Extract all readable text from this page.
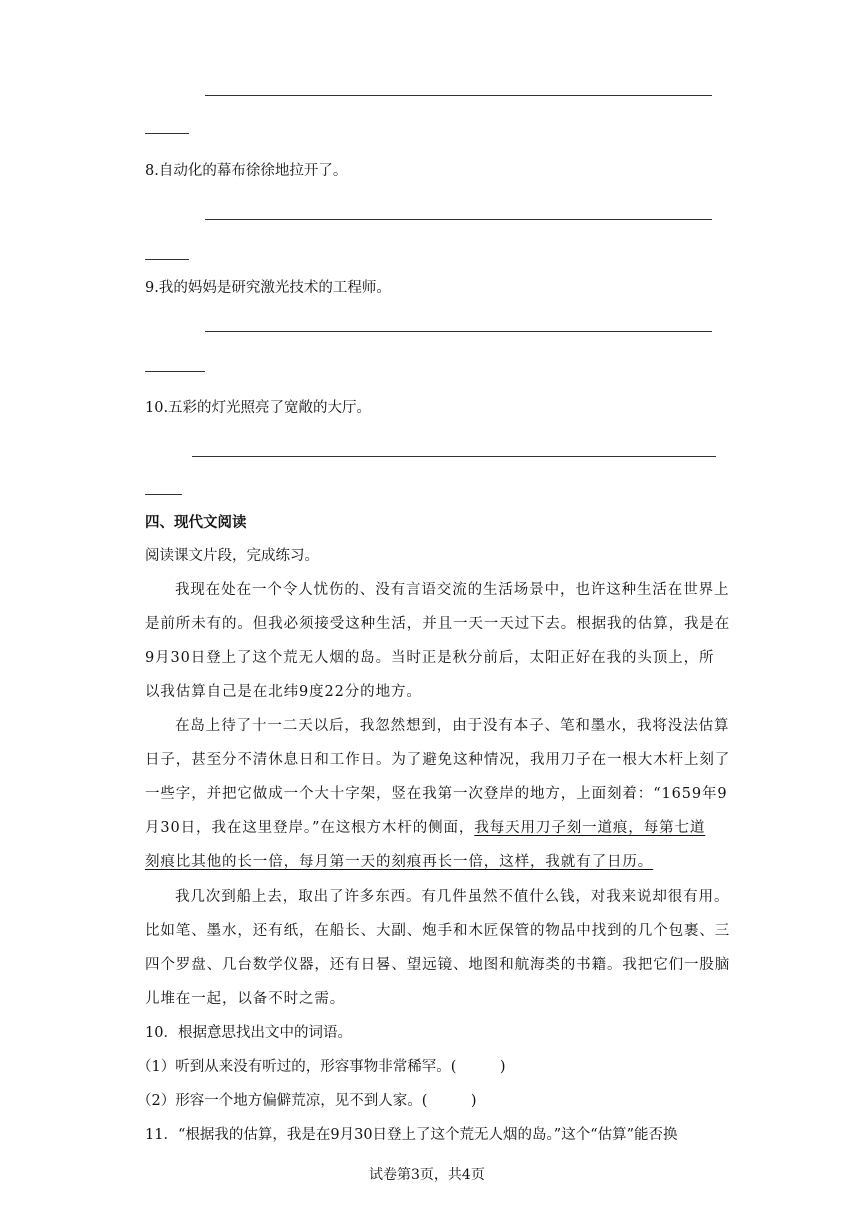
8.自动化的幕布徐徐地拉开了。
9.我的妈妈是研究激光技术的工程师。
10.五彩的灯光照亮了宽敞的大厅。
四、现代文阅读
阅读课文片段，完成练习。
我现在处在一个令人忧伤的、没有言语交流的生活场景中，也许这种生活在世界上
是前所未有的。但我必须接受这种生活，并且一天一天过下去。根据我的估算，我是在
9月30日登上了这个荒无人烟的岛。当时正是秋分前后，太阳正好在我的头顶上，所
以我估算自己是在北纬9度22分的地方。
在岛上待了十一二天以后，我忽然想到，由于没有本子、笔和墨水，我将没法估算
日子，甚至分不清休息日和工作日。为了避免这种情况，我用刀子在一根大木杆上刻了
一些字，并把它做成一个大十字架，竖在我第一次登岸的地方，上面刻着：“1659年9
月30日，我在这里登岸。”在这根方木杆的侧面，我每天用刀子刻一道痕，每第七道
刻痕比其他的长一倍，每月第一天的刻痕再长一倍，这样，我就有了日历。
我几次到船上去，取出了许多东西。有几件虽然不值什么钱，对我来说却很有用。
比如笔、墨水，还有纸，在船长、大副、炮手和木匠保管的物品中找到的几个包裹、三
四个罗盘、几台数学仪器，还有日晷、望远镜、地图和航海类的书籍。我把它们一股脑
儿堆在一起，以备不时之需。
10．根据意思找出文中的词语。
（1）听到从来没有听过的，形容事物非常稀罕。(　　　)
（2）形容一个地方偏僻荒凉，见不到人家。(　　　)
11．“根据我的估算，我是在9月30日登上了这个荒无人烟的岛。”这个“估算”能否换
试卷第3页，共4页
